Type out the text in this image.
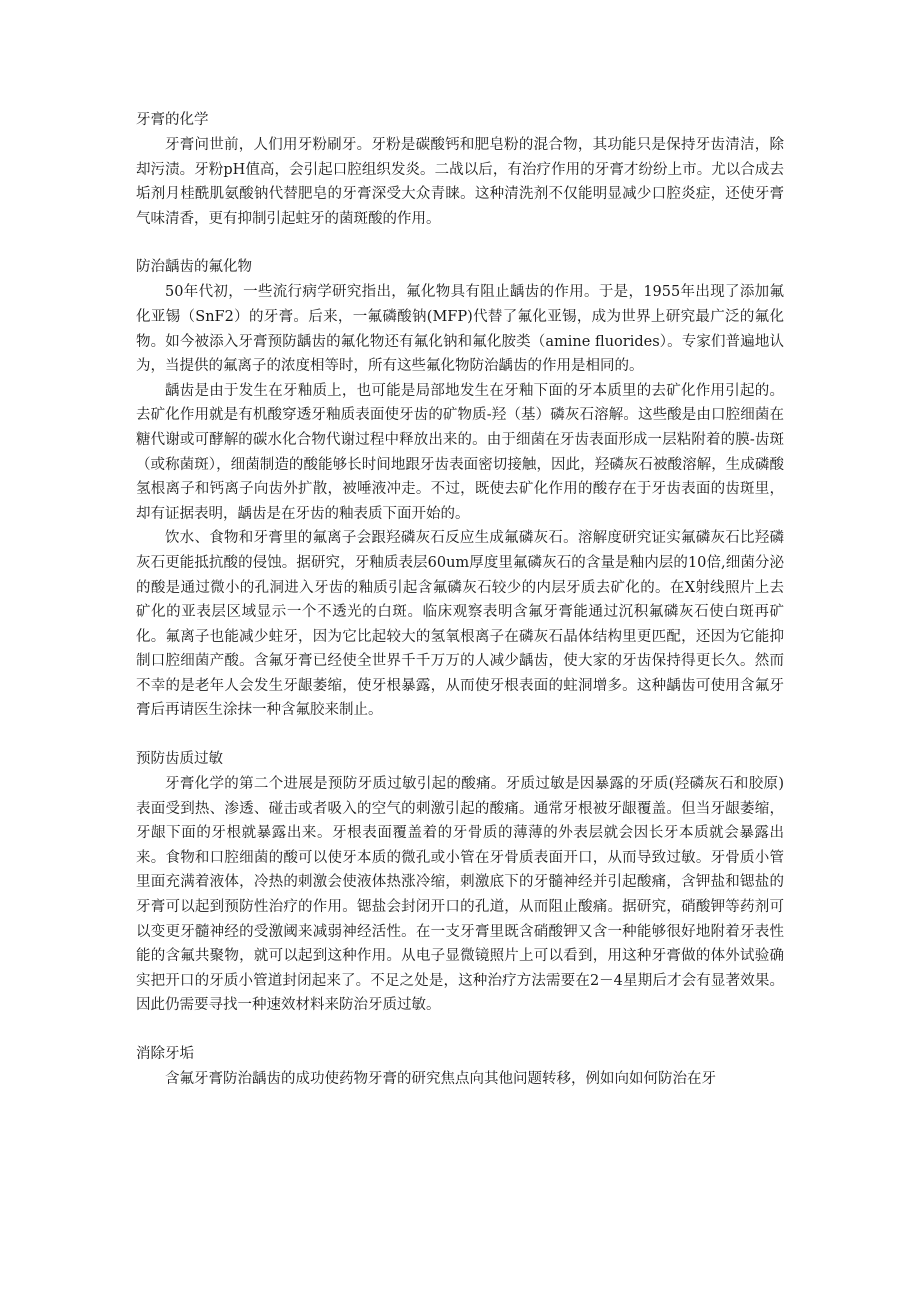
牙膏的化学

牙膏问世前，人们用牙粉刷牙。牙粉是碳酸钙和肥皂粉的混合物，其功能只是保持牙齿清洁，除却污渍。牙粉pH值高，会引起口腔组织发炎。二战以后，有治疗作用的牙膏才纷纷上市。尤以合成去垢剂月桂酰肌氨酸钠代替肥皂的牙膏深受大众青睐。这种清洗剂不仅能明显减少口腔炎症，还使牙膏气味清香，更有抑制引起蛀牙的菌斑酸的作用。

防治龋齿的氟化物

50年代初，一些流行病学研究指出，氟化物具有阻止龋齿的作用。于是，1955年出现了添加氟化亚锡（SnF2）的牙膏。后来，一氟磷酸钠(MFP)代替了氟化亚锡，成为世界上研究最广泛的氟化物。如今被添入牙膏预防龋齿的氟化物还有氟化钠和氟化胺类（amine fluorides）。专家们普遍地认为，当提供的氟离子的浓度相等时，所有这些氟化物防治龋齿的作用是相同的。

龋齿是由于发生在牙釉质上，也可能是局部地发生在牙釉下面的牙本质里的去矿化作用引起的。去矿化作用就是有机酸穿透牙釉质表面使牙齿的矿物质-羟（基）磷灰石溶解。这些酸是由口腔细菌在糖代谢或可酵解的碳水化合物代谢过程中释放出来的。由于细菌在牙齿表面形成一层粘附着的膜-齿斑（或称菌斑），细菌制造的酸能够长时间地跟牙齿表面密切接触，因此，羟磷灰石被酸溶解，生成磷酸氢根离子和钙离子向齿外扩散，被唾液冲走。不过，既使去矿化作用的酸存在于牙齿表面的齿斑里，却有证据表明，龋齿是在牙齿的釉表质下面开始的。

饮水、食物和牙膏里的氟离子会跟羟磷灰石反应生成氟磷灰石。溶解度研究证实氟磷灰石比羟磷灰石更能抵抗酸的侵蚀。据研究，牙釉质表层60um厚度里氟磷灰石的含量是釉内层的10倍,细菌分泌的酸是通过微小的孔洞进入牙齿的釉质引起含氟磷灰石较少的内层牙质去矿化的。在X射线照片上去矿化的亚表层区域显示一个不透光的白斑。临床观察表明含氟牙膏能通过沉积氟磷灰石使白斑再矿化。氟离子也能减少蛀牙，因为它比起较大的氢氧根离子在磷灰石晶体结构里更匹配，还因为它能抑制口腔细菌产酸。含氟牙膏已经使全世界千千万万的人减少龋齿，使大家的牙齿保持得更长久。然而不幸的是老年人会发生牙龈萎缩，使牙根暴露，从而使牙根表面的蛀洞增多。这种龋齿可使用含氟牙膏后再请医生涂抹一种含氟胶来制止。

预防齿质过敏

牙膏化学的第二个进展是预防牙质过敏引起的酸痛。牙质过敏是因暴露的牙质(羟磷灰石和胶原)表面受到热、渗透、碰击或者吸入的空气的刺激引起的酸痛。通常牙根被牙龈覆盖。但当牙龈萎缩，牙龈下面的牙根就暴露出来。牙根表面覆盖着的牙骨质的薄薄的外表层就会因长牙本质就会暴露出来。食物和口腔细菌的酸可以使牙本质的微孔或小管在牙骨质表面开口，从而导致过敏。牙骨质小管里面充满着液体，冷热的刺激会使液体热涨冷缩，刺激底下的牙髓神经并引起酸痛，含钾盐和锶盐的牙膏可以起到预防性治疗的作用。锶盐会封闭开口的孔道，从而阻止酸痛。据研究，硝酸钾等药剂可以变更牙髓神经的受激阈来减弱神经活性。在一支牙膏里既含硝酸钾又含一种能够很好地附着牙表性能的含氟共聚物，就可以起到这种作用。从电子显微镜照片上可以看到，用这种牙膏做的体外试验确实把开口的牙质小管道封闭起来了。不足之处是，这种治疗方法需要在2－4星期后才会有显著效果。因此仍需要寻找一种速效材料来防治牙质过敏。

消除牙垢

含氟牙膏防治龋齿的成功使药物牙膏的研究焦点向其他问题转移，例如向如何防治在牙
